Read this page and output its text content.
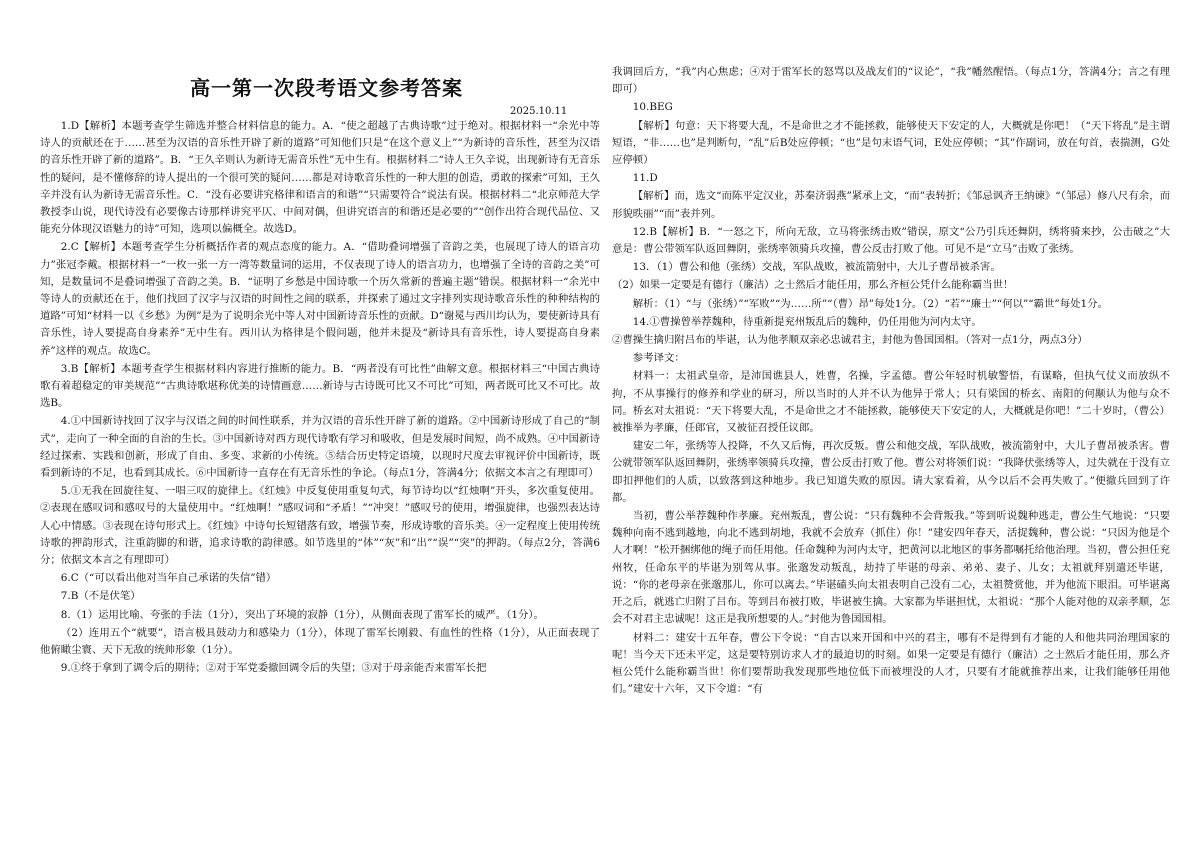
高一第一次段考语文参考答案
2025.10.11

1.D【解析】本题考查学生筛选并整合材料信息的能力。A．“使之超越了古典诗歌”过于绝对。根据材料一“余光中等诗人的贡献还在于……甚至为汉语的音乐性开辟了新的道路”可知他们只是“在这个意义上”“为新诗的音乐性，甚至为汉语的音乐性开辟了新的道路”。B．“王久辛则认为新诗无需音乐性”无中生有。根据材料二“诗人王久辛说，出现新诗有无音乐性的疑问，是不懂修辞的诗人提出的一个很可笑的疑问……都是对诗歌音乐性的一种大胆的创造，勇敢的探索”可知，王久辛并没有认为新诗无需音乐性。C．“没有必要讲究格律和语言的和谐”“只需要符合”说法有误。根据材料二“北京师范大学教授李山说，现代诗没有必要像古诗那样讲究平仄、中间对偶，但讲究语言的和谐还是必要的”“创作出符合现代品位、又能充分体现汉语魅力的诗”可知，选项以偏概全。故选D。

2.C【解析】本题考查学生分析概括作者的观点态度的能力。A．“借助叠词增强了音韵之美，也展现了诗人的语言功力”张冠李戴。根据材料一“一枚一张一方一湾等数量词的运用，不仅表现了诗人的语言功力，也增强了全诗的音韵之美”可知，是数量词不是叠词增强了音韵之美。B．“证明了乡愁是中国诗歌一个历久常新的普遍主题”错误。根据材料一“余光中等诗人的贡献还在于，他们找回了汉字与汉语的时间性之间的联系，并探索了通过文字排列实现诗歌音乐性的种种结构的道路”可知“材料一以《乡愁》为例”是为了说明余光中等人对中国新诗音乐性的贡献。D“谢冕与西川均认为，要使新诗具有音乐性，诗人要提高自身素养”无中生有。西川认为格律是个假问题，他并未提及“新诗具有音乐性，诗人要提高自身素养”这样的观点。故选C。

3.B【解析】本题考查学生根据材料内容进行推断的能力。B．“两者没有可比性”曲解文意。根据材料三“中国古典诗歌有着超稳定的审美规范”“古典诗歌堪称优美的诗情画意……新诗与古诗既可比又不可比”可知，两者既可比又不可比。故选B。

4.①中国新诗找回了汉字与汉语之间的时间性联系，并为汉语的音乐性开辟了新的道路。②中国新诗形成了自己的“制式”，走向了一种全面的自治的生长。③中国新诗对西方现代诗歌有学习和吸收，但是发展时间短，尚不成熟。④中国新诗经过探索、实践和创新，形成了自由、多变、求新的小传统。⑤结合历史特定语境，以现时尺度去审视评价中国新诗，既看到新诗的不足，也看到其成长。⑥中国新诗一直存在有无音乐性的争论。（每点1分，答满4分；依据文本言之有理即可）

5.①无我在回旋往复、一唱三叹的旋律上。《红烛》中反复使用重复句式，每节诗均以“红烛啊”开头，多次重复使用。②表现在感叹词和感叹号的大量使用中。“红烛啊！”感叹词和“矛盾！”“冲突！”感叹号的使用，增强旋律，也强烈表达诗人心中情感。③表现在诗句形式上。《红烛》中诗句长短错落有致，增强节奏，形成诗歌的音乐美。④一定程度上使用传统诗歌的押韵形式，注重韵脚的和谐，追求诗歌的韵律感。如节选里的“体”“灰”和“出”“误”“突”的押韵。（每点2分，答满6分；依据文本言之有理即可）

6.C（“可以看出他对当年自己承诺的失信”错）

7.B（不是伏笔）

8.（1）运用比喻、夸张的手法（1分），突出了环境的寂静（1分），从侧面表现了雷军长的威严。（1分）。

（2）连用五个“就要”，语言极具鼓动力和感染力（1分），体现了雷军长刚毅、有血性的性格（1分），从正面表现了他俯瞰尘寰、天下无敌的统帅形象（1分）。

9.①终于拿到了调令后的期待；②对于军党委撤回调令后的失望；③对于母亲能否来雷军长把

我调回后方，“我”内心焦虑；④对于雷军长的怒骂以及战友们的“议论”，“我”幡然醒悟。（每点1分，答满4分；言之有理即可）

10.BEG

【解析】句意：天下将要大乱，不是命世之才不能拯救，能够使天下安定的人，大概就是你吧！（“天下将乱”是主谓短语，“非……也”是判断句，“乱”后B处应停顿；“也”是句末语气词，E处应停顿；“其”作副词，放在句首，表揣测，G处应停顿）

11.D

【解析】而，选文“而陈平定汉业，苏秦济弱燕”紧承上文，“而”表转折；《邹忌讽齐王纳谏》“（邹忌）修八尺有余，而形貌昳丽”“而”表并列。

12.B【解析】B．“一怒之下，所向无敌，立马将张绣击败”错误，原文“公乃引兵还舞阴，绣将骑来抄，公击破之”大意是：曹公带领军队返回舞阴，张绣率领骑兵攻撞，曹公反击打败了他。可见不是“立马”击败了张绣。

13．（1）曹公和他（张绣）交战，军队战败，被流箭射中，大儿子曹昂被杀害。

（2）如果一定要是有德行（廉洁）之士然后才能任用，那么齐桓公凭什么能称霸当世！

解析：（1）“与（张绣）”“军败”“为……所”“（曹）昂”每处1分。（2）“若”“廉士”“何以”“霸世”每处1分。

14.①曹操曾举荐魏种，待重新提兖州叛乱后的魏种，仍任用他为河内太守。

②曹操生擒归附吕布的毕谌，认为他孝顺双亲必忠诚君主，封他为鲁国国相。（答对一点1分，两点3分）

参考译文：

材料一：太祖武皇帝，是沛国谯县人，姓曹，名操，字孟德。曹公年轻时机敏警悟，有谋略，但执气仗义而放纵不拘，不从事操行的修养和学业的研习，所以当时的人并不认为他异于常人；只有梁国的桥玄、南阳的何颙认为他与众不同。桥玄对太祖说：“天下将要大乱，不是命世之才不能拯救，能够使天下安定的人，大概就是你吧！”二十岁时，（曹公）被推举为孝廉，任郎官，又被征召授任议郎。

建安二年，张绣等人投降，不久又后悔，再次反叛。曹公和他交战，军队战败，被流箭射中，大儿子曹昂被杀害。曹公就带领军队返回舞阴，张绣率领骑兵攻撞，曹公反击打败了他。曹公对将领们说：“我降伏张绣等人，过失就在于没有立即扣押他们的人质，以致落到这种地步。我已知道失败的原因。请大家看着，从今以后不会再失败了。”便撤兵回到了许都。

当初，曹公举荐魏种作孝廉。兖州叛乱，曹公说：“只有魏种不会背叛我。”等到听说魏种逃走，曹公生气地说：“只要魏种向南不逃到越地，向北不逃到胡地，我就不会放弃（抓住）你！”建安四年春天，活捉魏种，曹公说：“只因为他是个人才啊！”松开捆绑他的绳子而任用他。任命魏种为河内太守，把黄河以北地区的事务都嘱托给他治理。当初，曹公担任兖州牧，任命东平的毕谌为别驾从事。张邈发动叛乱，劫持了毕谌的母亲、弟弟、妻子、儿女；太祖就拜别遣还毕谌，说：“你的老母亲在张邈那儿，你可以离去。”毕谌磕头向太祖表明自己没有二心，太祖赞赏他，并为他流下眼泪。可毕谌离开之后，就逃亡归附了吕布。等到吕布被打败，毕谌被生擒。大家都为毕谌担忧，太祖说：“那个人能对他的双亲孝顺，怎会不对君主忠诚呢！这正是我所想要的人。”封他为鲁国国相。

材料二：建安十五年春，曹公下令说：“自古以来开国和中兴的君主，哪有不是得到有才能的人和他共同治理国家的呢！当今天下还未平定，这是要特别访求人才的最迫切的时刻。如果一定要是有德行（廉洁）之士然后才能任用，那么齐桓公凭什么能称霸当世！你们要帮助我发现那些地位低下而被埋没的人才，只要有才能就推荐出来，让我们能够任用他们。”建安十六年，又下令道：“有
